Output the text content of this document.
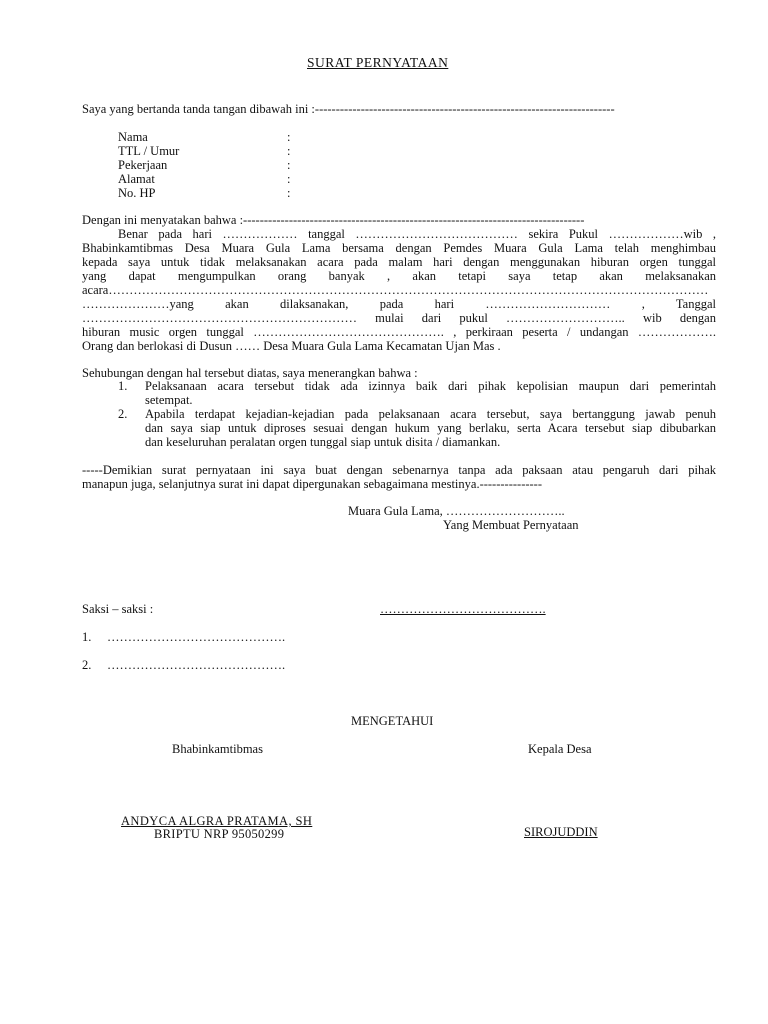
SURAT PERNYATAAN
Saya yang bertanda tanda tangan dibawah ini :------------------------------------------------------------------------
Nama	:
TTL / Umur	:
Pekerjaan	:
Alamat	:
No. HP	:
Dengan ini menyatakan bahwa :----------------------------------------------------------------------------------
Benar pada hari ……………… tanggal ………………………………… sekira Pukul ………………wib ,
Bhabinkamtibmas Desa Muara Gula Lama bersama dengan Pemdes Muara Gula Lama telah menghimbau
kepada saya untuk tidak melaksanakan acara pada malam hari dengan menggunakan hiburan orgen tunggal
yang dapat mengumpulkan orang banyak , akan tetapi saya tetap akan melaksanakan
acara………………………………………………………………………………………………………………………………
…………………yang akan dilaksanakan, pada hari ………………………… , Tanggal
………………………………………………………… mulai dari pukul ……………………….. wib dengan
hiburan music orgen tunggal ………………………………………. , perkiraan peserta / undangan ……………….
Orang dan berlokasi di Dusun …… Desa Muara Gula Lama Kecamatan Ujan Mas .
Sehubungan dengan hal tersebut diatas, saya menerangkan bahwa :
1. Pelaksanaan acara tersebut tidak ada izinnya baik dari pihak kepolisian maupun dari pemerintah
setempat.
2. Apabila terdapat kejadian-kejadian pada pelaksanaan acara tersebut, saya bertanggung jawab penuh
dan saya siap untuk diproses sesuai dengan hukum yang berlaku, serta Acara tersebut siap dibubarkan
dan keseluruhan peralatan orgen tunggal siap untuk disita / diamankan.
-----Demikian surat pernyataan ini saya buat dengan sebenarnya tanpa ada paksaan atau pengaruh dari pihak
manapun juga, selanjutnya surat ini dapat dipergunakan sebagaimana mestinya.---------------
Muara Gula Lama, ………………………..
Yang Membuat Pernyataan
Saksi – saksi :	………………………………….
1. …………………………………….
2. …………………………………….
MENGETAHUI
Bhabinkamtibmas	Kepala Desa
ANDYCA ALGRA PRATAMA, SH
BRIPTU NRP 95050299	SIROJUDDIN
